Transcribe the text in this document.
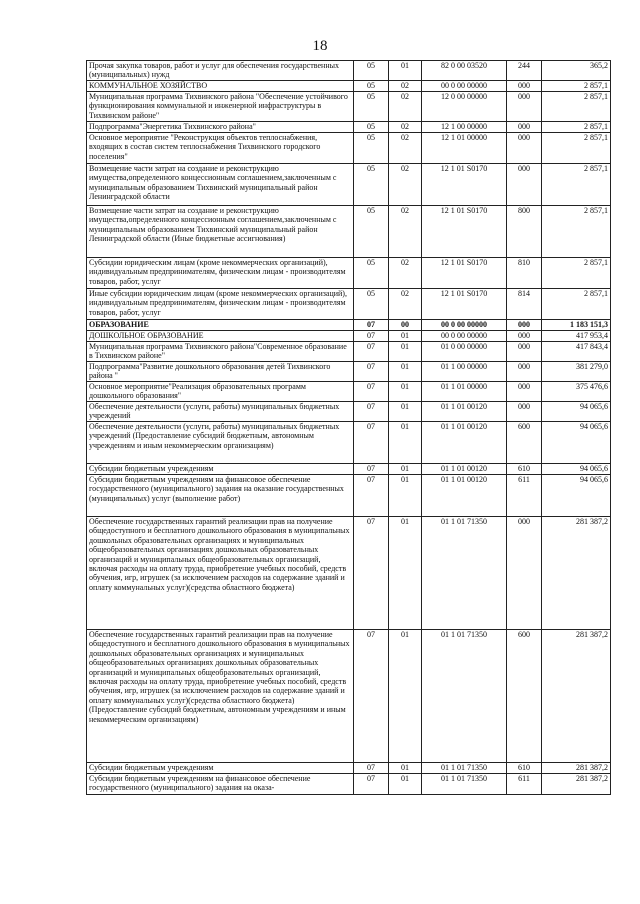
18
Прочая закупка товаров, работ и услуг для обеспечения государственных (муниципальных) нужд	05	01	82 0 00 03520	244	365,2
КОММУНАЛЬНОЕ ХОЗЯЙСТВО	05	02	00 0 00 00000	000	2 857,1
Муниципальная программа Тихвинского района "Обеспечение устойчивого функционирования коммунальной и инженерной инфраструктуры в Тихвинском районе"	05	02	12 0 00 00000	000	2 857,1
Подпрограмма"Энергетика Тихвинского района"	05	02	12 1 00 00000	000	2 857,1
Основное мероприятие "Реконструкция объектов теплоснабжения, входящих в состав систем теплоснабжения Тихвинского городского поселения"	05	02	12 1 01 00000	000	2 857,1
Возмещение части затрат на создание и реконструкцию имущества,определенного концессионным соглашением,заключенным с муниципальным образованием Тихвинский муниципальный район Ленинградской области	05	02	12 1 01 S0170	000	2 857,1
Возмещение части затрат на создание и реконструкцию имущества,определенного концессионным соглашением,заключенным с муниципальным образованием Тихвинский муниципальный район Ленинградской области (Иные бюджетные ассигнования)	05	02	12 1 01 S0170	800	2 857,1
Субсидии юридическим лицам (кроме некоммерческих организаций), индивидуальным предпринимателям, физическим лицам - производителям товаров, работ, услуг	05	02	12 1 01 S0170	810	2 857,1
Иные субсидии юридическим лицам (кроме некоммерческих организаций), индивидуальным предпринимателям, физическим лицам - производителям товаров, работ, услуг	05	02	12 1 01 S0170	814	2 857,1
ОБРАЗОВАНИЕ	07	00	00 0 00 00000	000	1 183 151,3
ДОШКОЛЬНОЕ ОБРАЗОВАНИЕ	07	01	00 0 00 00000	000	417 953,4
Муниципальная программа Тихвинского района"Современное образование в Тихвинском районе"	07	01	01 0 00 00000	000	417 843,4
Подпрограмма"Развитие дошкольного образования детей Тихвинского района "	07	01	01 1 00 00000	000	381 279,0
Основное мероприятие"Реализация образовательных программ дошкольного образования"	07	01	01 1 01 00000	000	375 476,6
Обеспечение деятельности (услуги, работы) муниципальных бюджетных учреждений	07	01	01 1 01 00120	000	94 065,6
Обеспечение деятельности (услуги, работы) муниципальных бюджетных учреждений (Предоставление субсидий бюджетным, автономным учреждениям и иным некоммерческим организациям)	07	01	01 1 01 00120	600	94 065,6
Субсидии бюджетным учреждениям	07	01	01 1 01 00120	610	94 065,6
Субсидии бюджетным учреждениям на финансовое обеспечение государственного (муниципального) задания на оказание государственных (муниципальных) услуг (выполнение работ)	07	01	01 1 01 00120	611	94 065,6
Обеспечение государственных гарантий реализации прав на получение общедоступного и бесплатного дошкольного образования в муниципальных дошкольных образовательных организациях и муниципальных общеобразовательных организациях дошкольных образовательных организаций и муниципальных общеобразовательных организаций, включая расходы на оплату труда, приобретение учебных пособий, средств обучения, игр, игрушек (за исключением расходов на содержание зданий и оплату коммунальных услуг)(средства областного бюджета)	07	01	01 1 01 71350	000	281 387,2
Обеспечение государственных гарантий реализации прав на получение общедоступного и бесплатного дошкольного образования в муниципальных дошкольных образовательных организациях и муниципальных общеобразовательных организациях дошкольных образовательных организаций и муниципальных общеобразовательных организаций, включая расходы на оплату труда, приобретение учебных пособий, средств обучения, игр, игрушек (за исключением расходов на содержание зданий и оплату коммунальных услуг)(средства областного бюджета) (Предоставление субсидий бюджетным, автономным учреждениям и иным некоммерческим организациям)	07	01	01 1 01 71350	600	281 387,2
Субсидии бюджетным учреждениям	07	01	01 1 01 71350	610	281 387,2
Субсидии бюджетным учреждениям на финансовое обеспечение государственного (муниципального) задания на оказа-	07	01	01 1 01 71350	611	281 387,2
